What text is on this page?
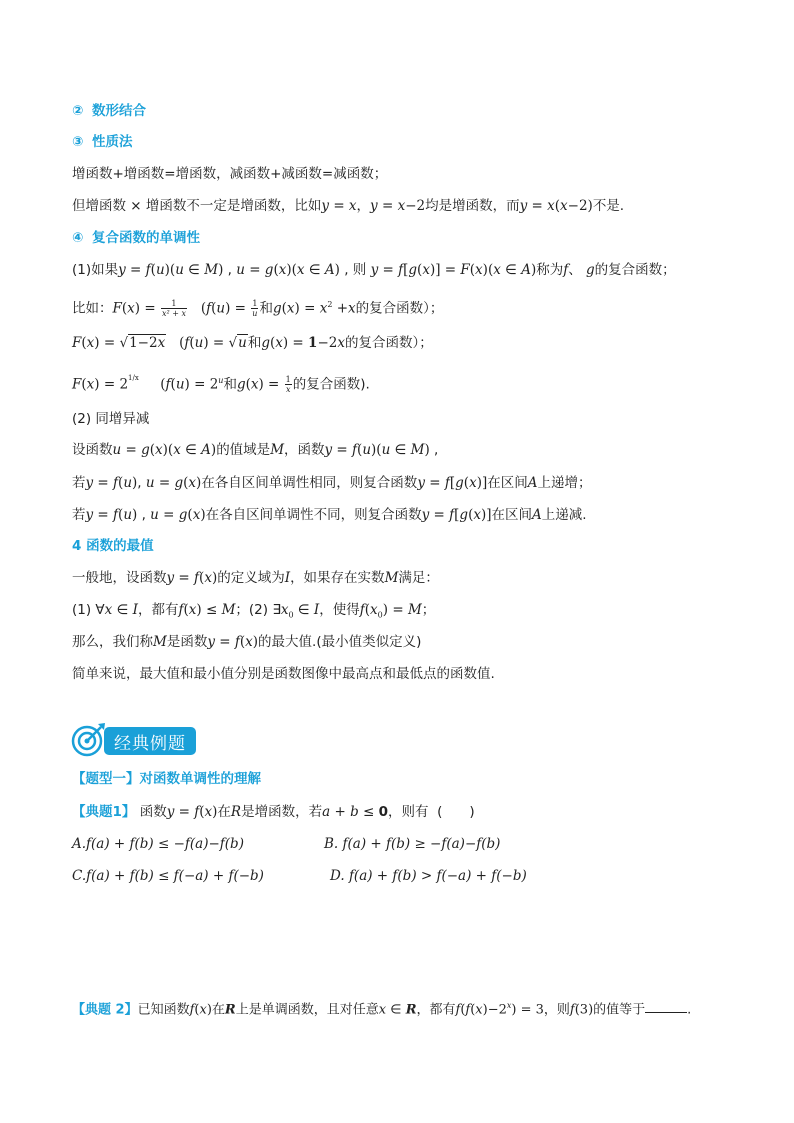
② 数形结合
③ 性质法
增函数+增函数=增函数，减函数+减函数=减函数；
但增函数 × 增函数不一定是增函数，比如y = x，y = x−2均是增函数，而y = x(x−2)不是.
④ 复合函数的单调性
(1)如果y = f(u)(u ∈ M) , u = g(x)(x ∈ A) , 则 y = f[g(x)] = F(x)(x ∈ A)称为f、 g的复合函数；
比如：$F(x) = \frac{1}{\text{x² + x}} (f(u) = \frac{1}{u}$ 和$g(x) = x^2 +x$的复合函数）；
F(x) = √1−2x (f(u) = √u和g(x) = 1−2x的复合函数）；
$F(x) = 2^{1/x}$ ($f(u) = 2^u$和$g(x) = \frac{1}{x}$ 的复合函数).
(2) 同增异减
设函数u = g(x)(x ∈ A)的值域是M，函数y = f(u)(u ∈ M) ,
若y = f(u), u = g(x)在各自区间单调性相同，则复合函数y = f[g(x)]在区间A上递增；
若y = f(u) , u = g(x)在各自区间单调性不同，则复合函数y = f[g(x)]在区间A上递减.
4 函数的最值
一般地，设函数y = f(x)的定义域为I，如果存在实数M满足：
(1) ∀x ∈ I，都有f(x) ≤ M；(2) $\exists x_0$ ∈ I，使得$f(x_0) = M$；
那么，我们称M是函数y = f(x)的最大值.(最小值类似定义)
简单来说，最大值和最小值分别是函数图像中最高点和最低点的函数值.
经典例题
【题型一】对函数单调性的理解
【典题1】 函数y = f(x)在R是增函数，若a + b ≤ 0，则有 (　　)
A.f(a) + f(b) ≤ −f(a)−f(b)	B. f(a) + f(b) ≥ −f(a)−f(b)
C.f(a) + f(b) ≤ f(−a) + f(−b)	D. f(a) + f(b) > f(−a) + f(−b)
【典题 2】已知函数f(x)在R上是单调函数，且对任意x ∈ R，都有$f(f(x)-2^x) = 3$，则f(3)的值等于	.
